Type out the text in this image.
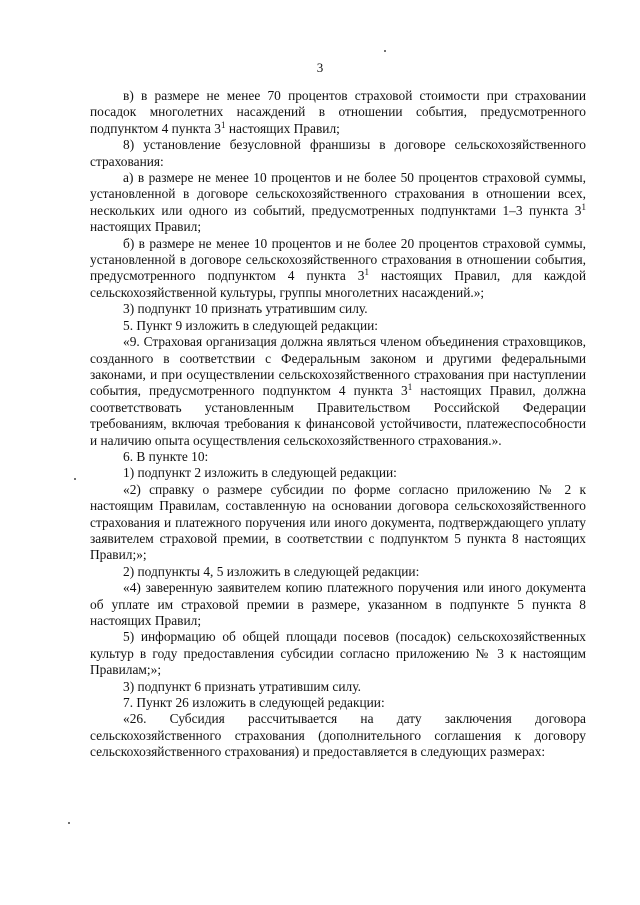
3

в) в размере не менее 70 процентов страховой стоимости при страховании посадок многолетних насаждений в отношении события, предусмотренного подпунктом 4 пункта $3^1$ настоящих Правил;

8) установление безусловной франшизы в договоре сельскохозяйственного страхования:

а) в размере не менее 10 процентов и не более 50 процентов страховой суммы, установленной в договоре сельскохозяйственного страхования в отношении всех, нескольких или одного из событий, предусмотренных подпунктами 1–3 пункта $3^1$ настоящих Правил;

б) в размере не менее 10 процентов и не более 20 процентов страховой суммы, установленной в договоре сельскохозяйственного страхования в отношении события, предусмотренного подпунктом 4 пункта $3^1$ настоящих Правил, для каждой сельскохозяйственной культуры, группы многолетних насаждений.»;

3) подпункт 10 признать утратившим силу.

5. Пункт 9 изложить в следующей редакции:

«9. Страховая организация должна являться членом объединения страховщиков, созданного в соответствии с Федеральным законом и другими федеральными законами, и при осуществлении сельскохозяйственного страхования при наступлении события, предусмотренного подпунктом 4 пункта $3^1$ настоящих Правил, должна соответствовать установленным Правительством Российской Федерации требованиям, включая требования к финансовой устойчивости, платежеспособности и наличию опыта осуществления сельскохозяйственного страхования.».

6. В пункте 10:

1) подпункт 2 изложить в следующей редакции:

«2) справку о размере субсидии по форме согласно приложению № 2 к настоящим Правилам, составленную на основании договора сельскохозяйственного страхования и платежного поручения или иного документа, подтверждающего уплату заявителем страховой премии, в соответствии с подпунктом 5 пункта 8 настоящих Правил;»;

2) подпункты 4, 5 изложить в следующей редакции:

«4) заверенную заявителем копию платежного поручения или иного документа об уплате им страховой премии в размере, указанном в подпункте 5 пункта 8 настоящих Правил;

5) информацию об общей площади посевов (посадок) сельскохозяйственных культур в году предоставления субсидии согласно приложению № 3 к настоящим Правилам;»;

3) подпункт 6 признать утратившим силу.

7. Пункт 26 изложить в следующей редакции:

«26. Субсидия рассчитывается на дату заключения договора сельскохозяйственного страхования (дополнительного соглашения к договору сельскохозяйственного страхования) и предоставляется в следующих размерах:
